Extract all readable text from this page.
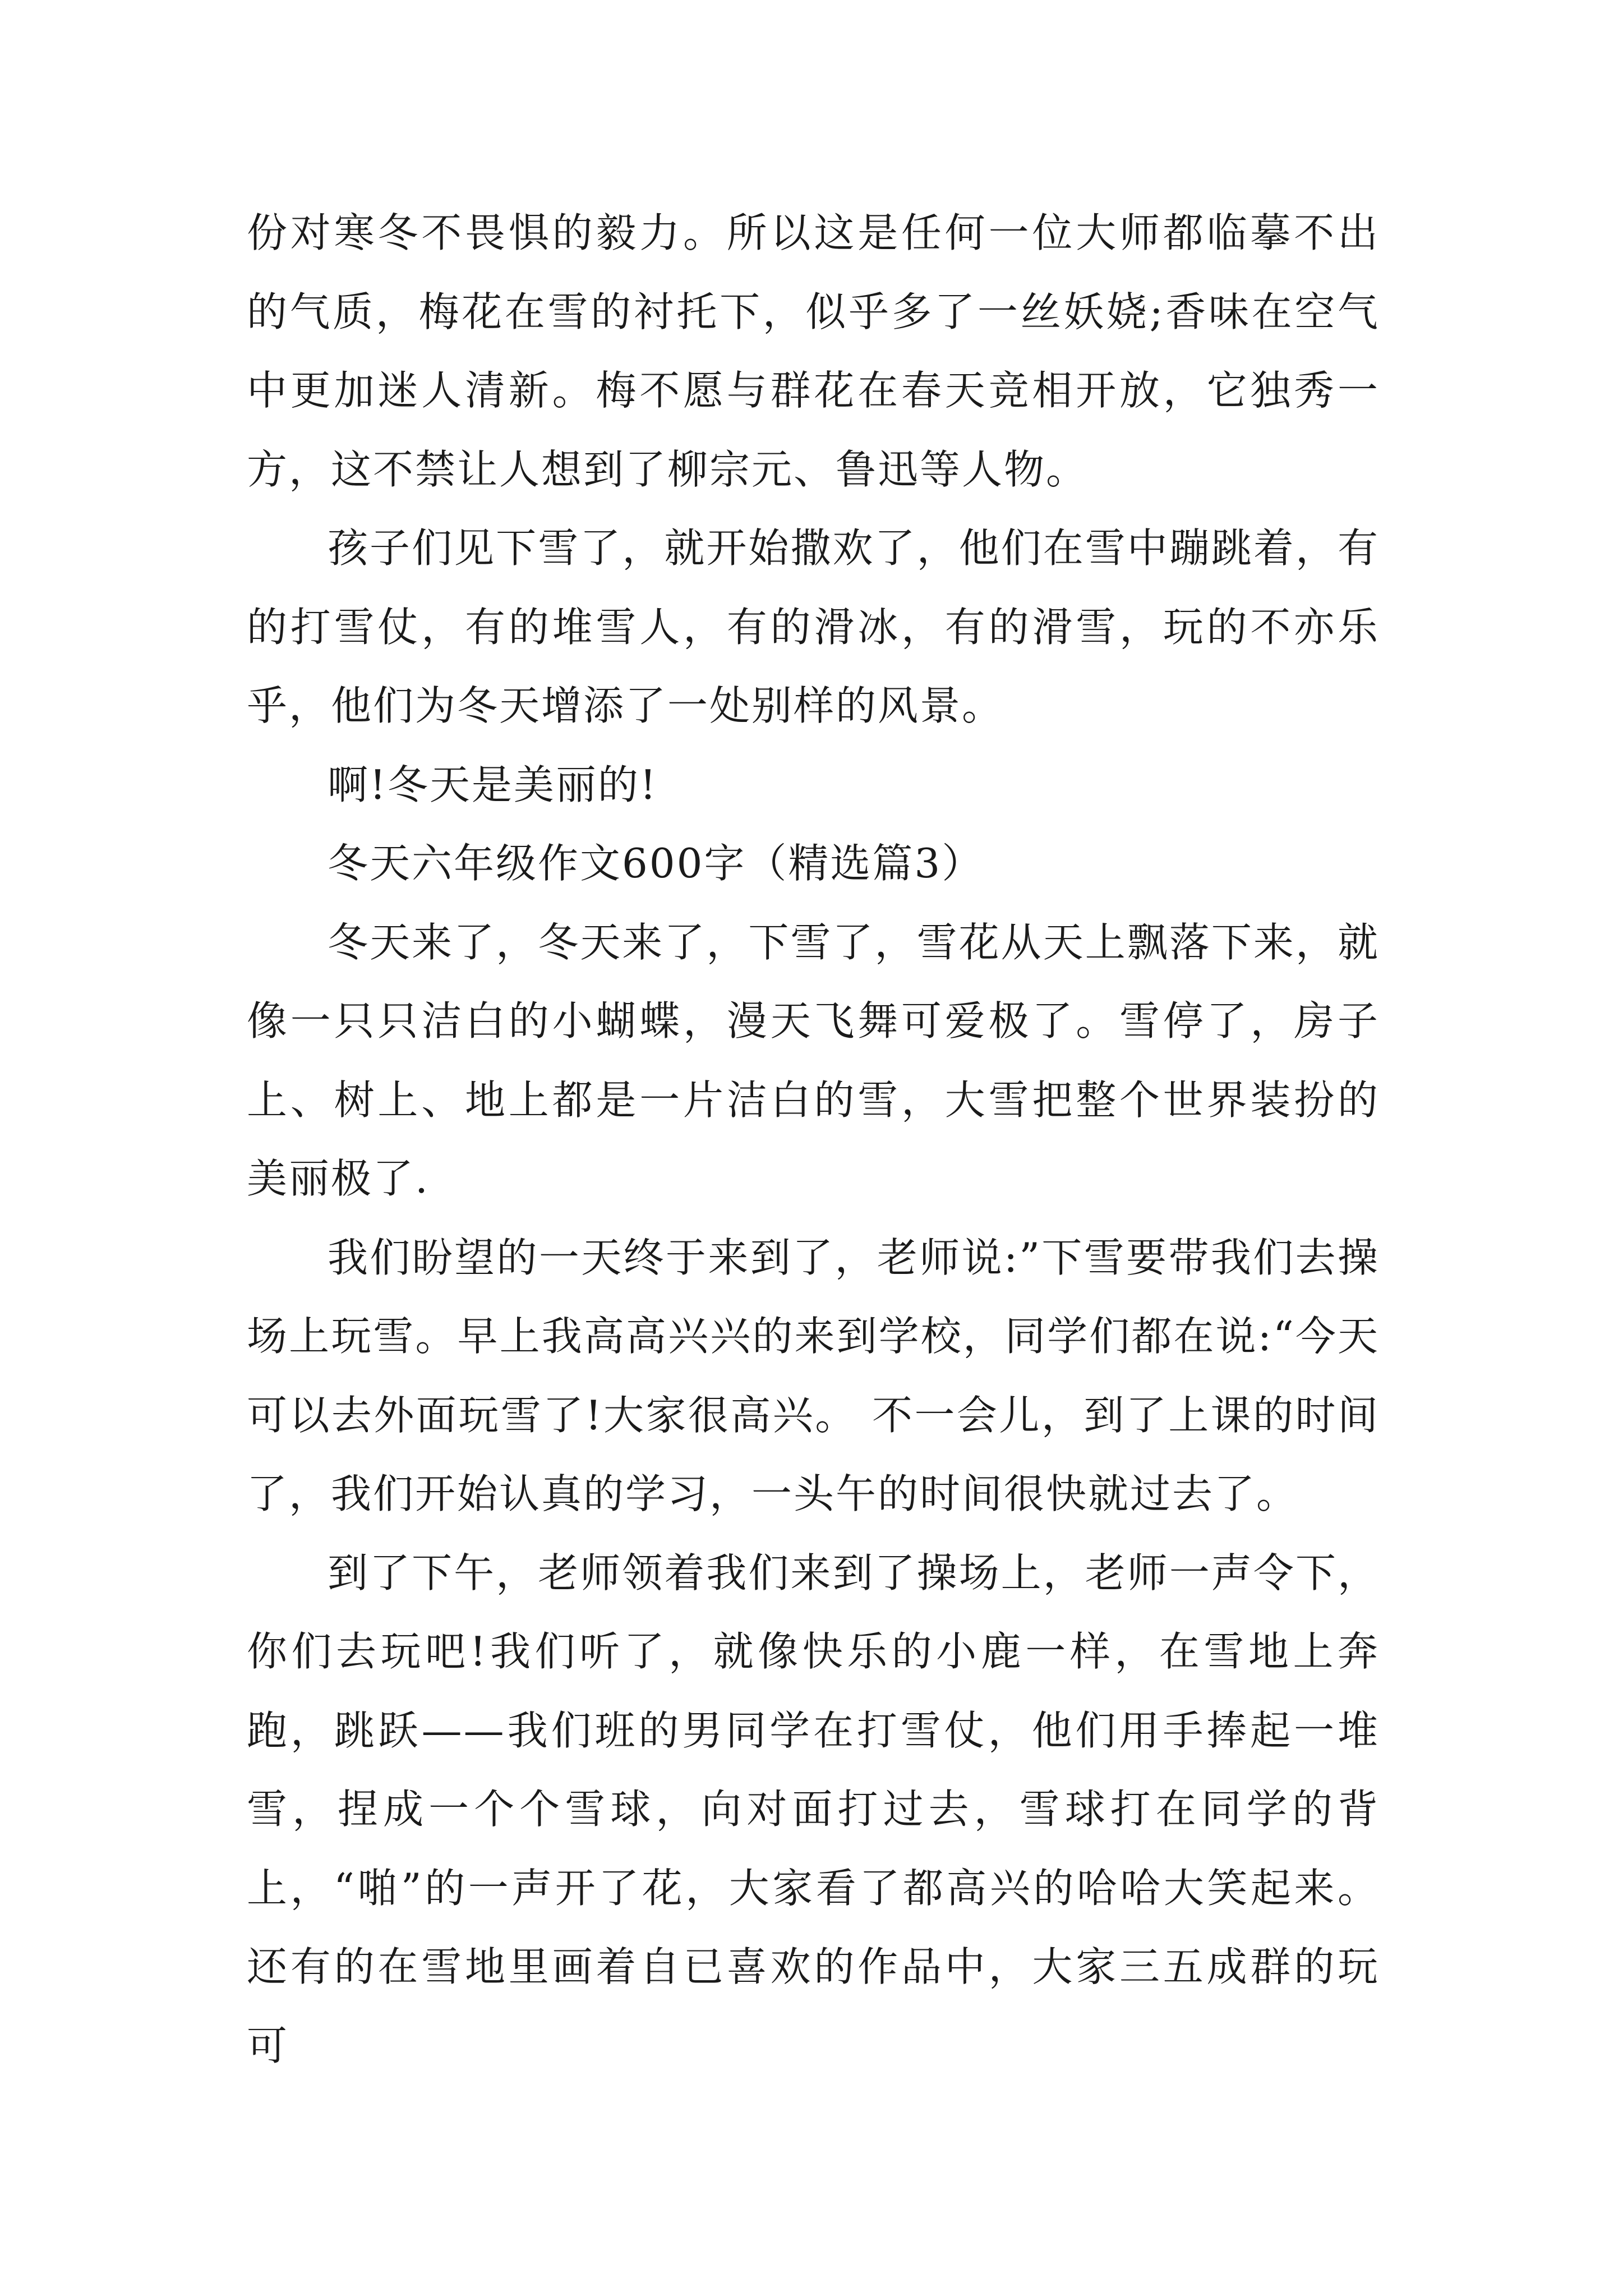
份对寒冬不畏惧的毅力。所以这是任何一位大师都临摹不出的气质，梅花在雪的衬托下，似乎多了一丝妖娆;香味在空气中更加迷人清新。梅不愿与群花在春天竞相开放，它独秀一方，这不禁让人想到了柳宗元、鲁迅等人物。

孩子们见下雪了，就开始撒欢了，他们在雪中蹦跳着，有的打雪仗，有的堆雪人，有的滑冰，有的滑雪，玩的不亦乐乎，他们为冬天增添了一处别样的风景。

啊!冬天是美丽的!

冬天六年级作文600字（精选篇3）

冬天来了，冬天来了，下雪了，雪花从天上飘落下来，就像一只只洁白的小蝴蝶，漫天飞舞可爱极了。雪停了，房子上、树上、地上都是一片洁白的雪，大雪把整个世界装扮的美丽极了.

我们盼望的一天终于来到了，老师说:”下雪要带我们去操场上玩雪。早上我高高兴兴的来到学校，同学们都在说:“今天可以去外面玩雪了!大家很高兴。 不一会儿，到了上课的时间了，我们开始认真的学习，一头午的时间很快就过去了。

到了下午，老师领着我们来到了操场上，老师一声令下，你们去玩吧!我们听了，就像快乐的小鹿一样，在雪地上奔跑，跳跃——我们班的男同学在打雪仗，他们用手捧起一堆雪，捏成一个个雪球，向对面打过去，雪球打在同学的背上，“啪”的一声开了花，大家看了都高兴的哈哈大笑起来。还有的在雪地里画着自已喜欢的作品中，大家三五成群的玩可
